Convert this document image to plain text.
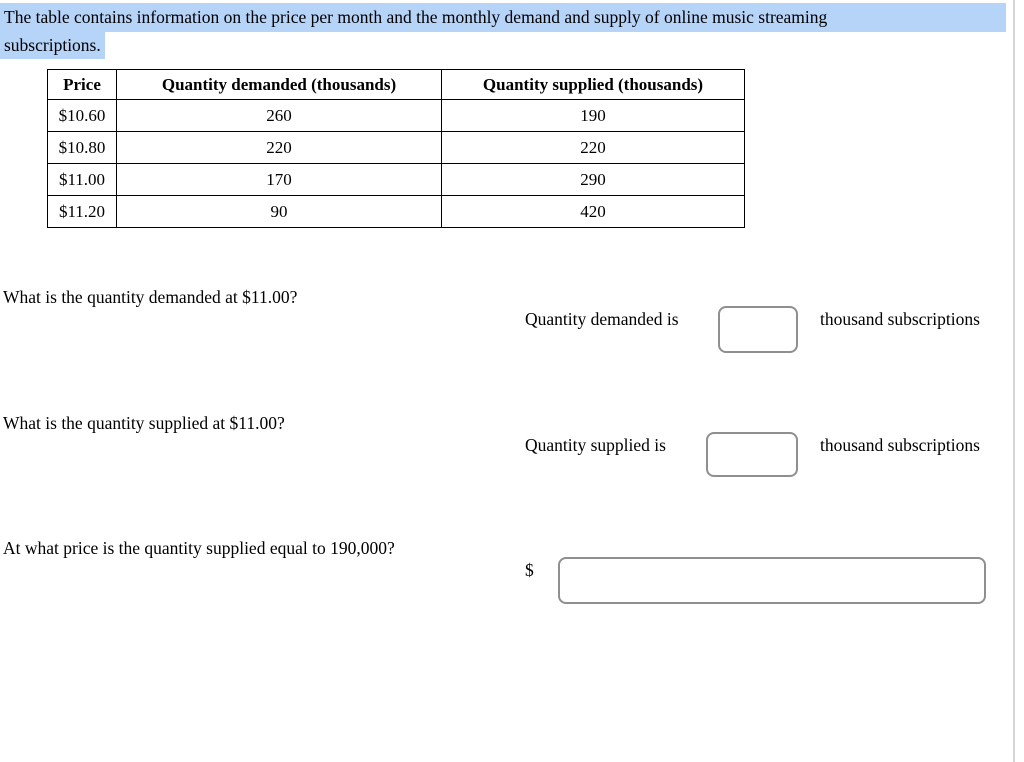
The table contains information on the price per month and the monthly demand and supply of online music streaming
subscriptions.
Price	Quantity demanded (thousands)	Quantity supplied (thousands)
$10.60	260	190
$10.80	220	220
$11.00	170	290
$11.20	90	420
What is the quantity demanded at $11.00?
Quantity demanded is	thousand subscriptions
What is the quantity supplied at $11.00?
Quantity supplied is	thousand subscriptions
At what price is the quantity supplied equal to 190,000?
$
